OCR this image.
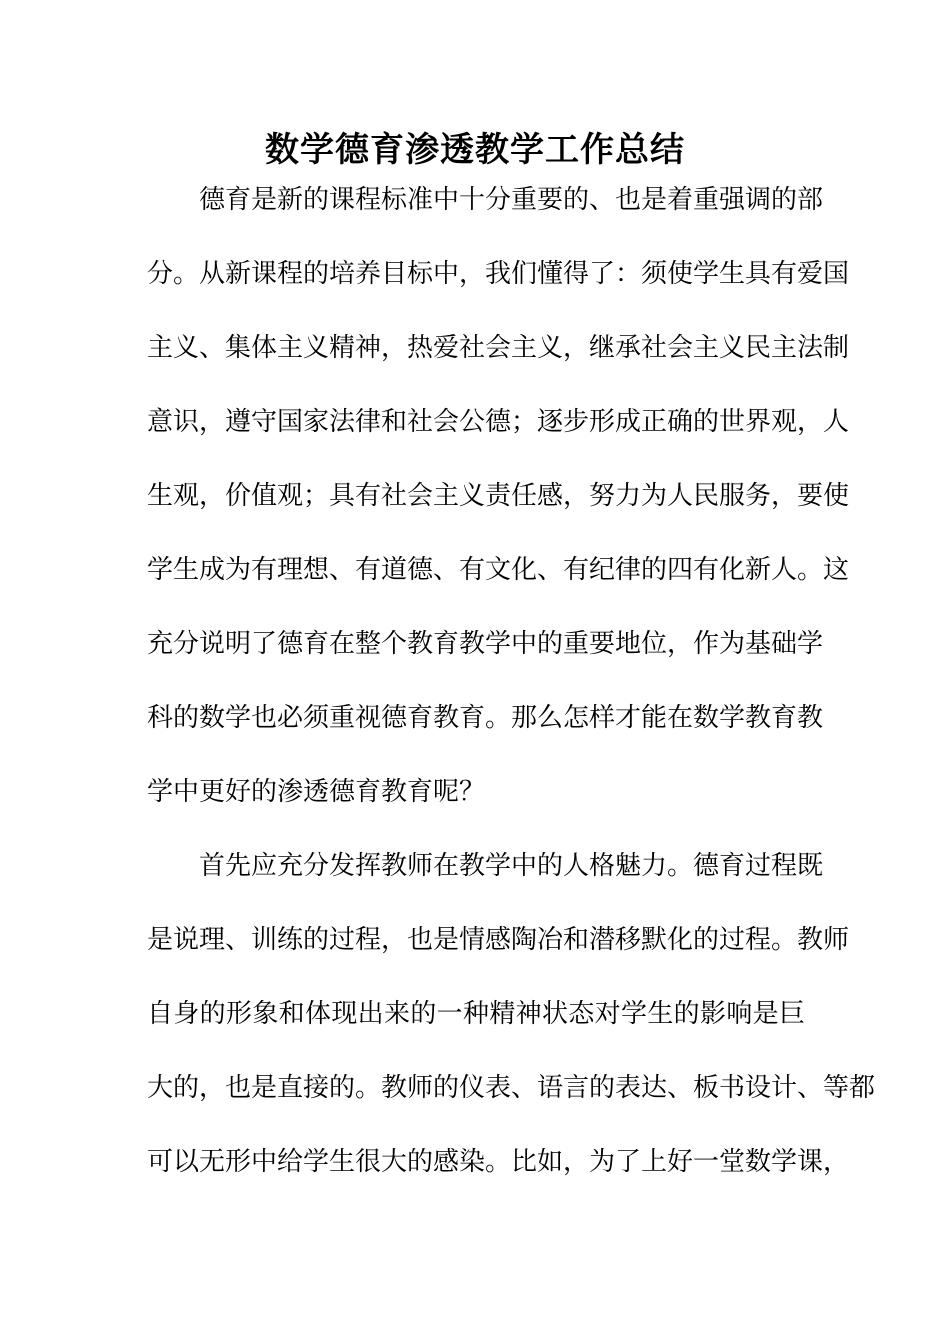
数学德育渗透教学工作总结
德育是新的课程标准中十分重要的、也是着重强调的部
分。从新课程的培养目标中，我们懂得了：须使学生具有爱国
主义、集体主义精神，热爱社会主义，继承社会主义民主法制
意识，遵守国家法律和社会公德；逐步形成正确的世界观，人
生观，价值观；具有社会主义责任感，努力为人民服务，要使
学生成为有理想、有道德、有文化、有纪律的四有化新人。这
充分说明了德育在整个教育教学中的重要地位，作为基础学
科的数学也必须重视德育教育。那么怎样才能在数学教育教
学中更好的渗透德育教育呢？
首先应充分发挥教师在教学中的人格魅力。德育过程既
是说理、训练的过程，也是情感陶冶和潜移默化的过程。教师
自身的形象和体现出来的一种精神状态对学生的影响是巨
大的，也是直接的。教师的仪表、语言的表达、板书设计、等都
可以无形中给学生很大的感染。比如，为了上好一堂数学课，
